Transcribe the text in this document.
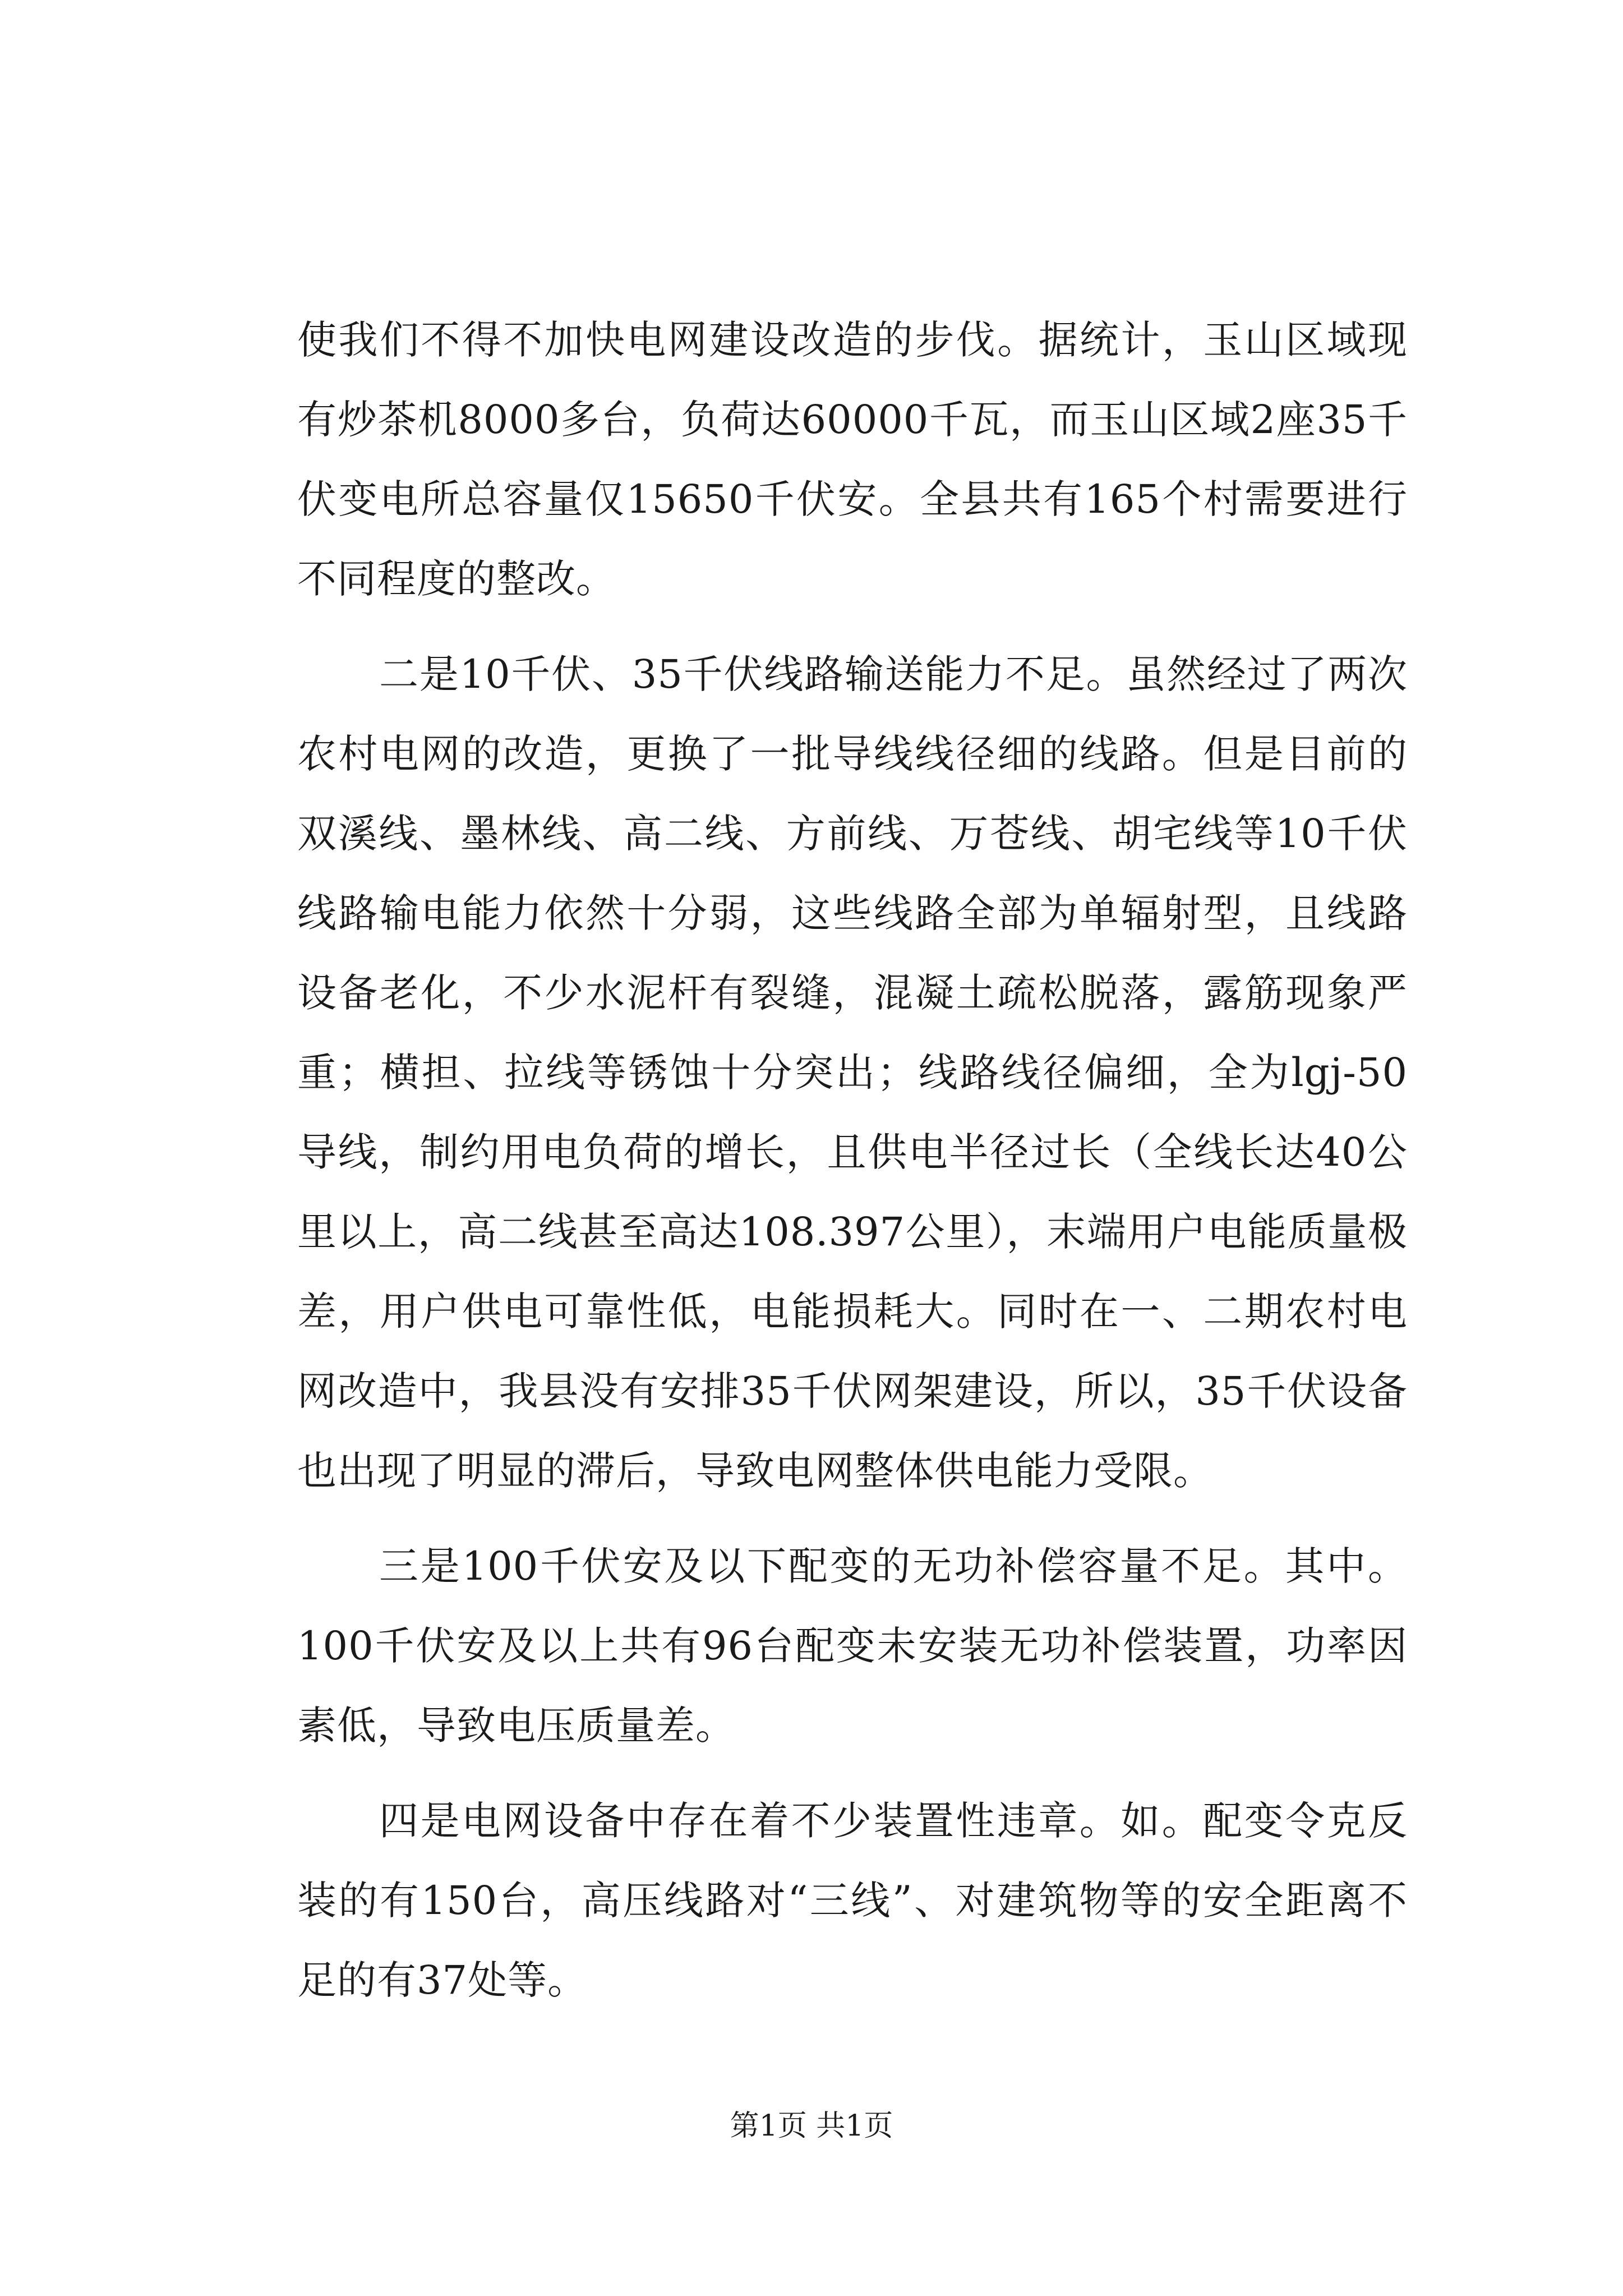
使我们不得不加快电网建设改造的步伐。据统计，玉山区域现有炒茶机8000多台，负荷达60000千瓦，而玉山区域2座35千伏变电所总容量仅15650千伏安。全县共有165个村需要进行不同程度的整改。

二是10千伏、35千伏线路输送能力不足。虽然经过了两次农村电网的改造，更换了一批导线线径细的线路。但是目前的双溪线、墨林线、高二线、方前线、万苍线、胡宅线等10千伏线路输电能力依然十分弱，这些线路全部为单辐射型，且线路设备老化，不少水泥杆有裂缝，混凝土疏松脱落，露筋现象严重；横担、拉线等锈蚀十分突出；线路线径偏细，全为lgj-50导线，制约用电负荷的增长，且供电半径过长（全线长达40公里以上，高二线甚至高达108.397公里），末端用户电能质量极差，用户供电可靠性低，电能损耗大。同时在一、二期农村电网改造中，我县没有安排35千伏网架建设，所以，35千伏设备也出现了明显的滞后，导致电网整体供电能力受限。

三是100千伏安及以下配变的无功补偿容量不足。其中。100千伏安及以上共有96台配变未安装无功补偿装置，功率因素低，导致电压质量差。

四是电网设备中存在着不少装置性违章。如。配变令克反装的有150台，高压线路对“三线”、对建筑物等的安全距离不足的有37处等。

第1页 共1页
